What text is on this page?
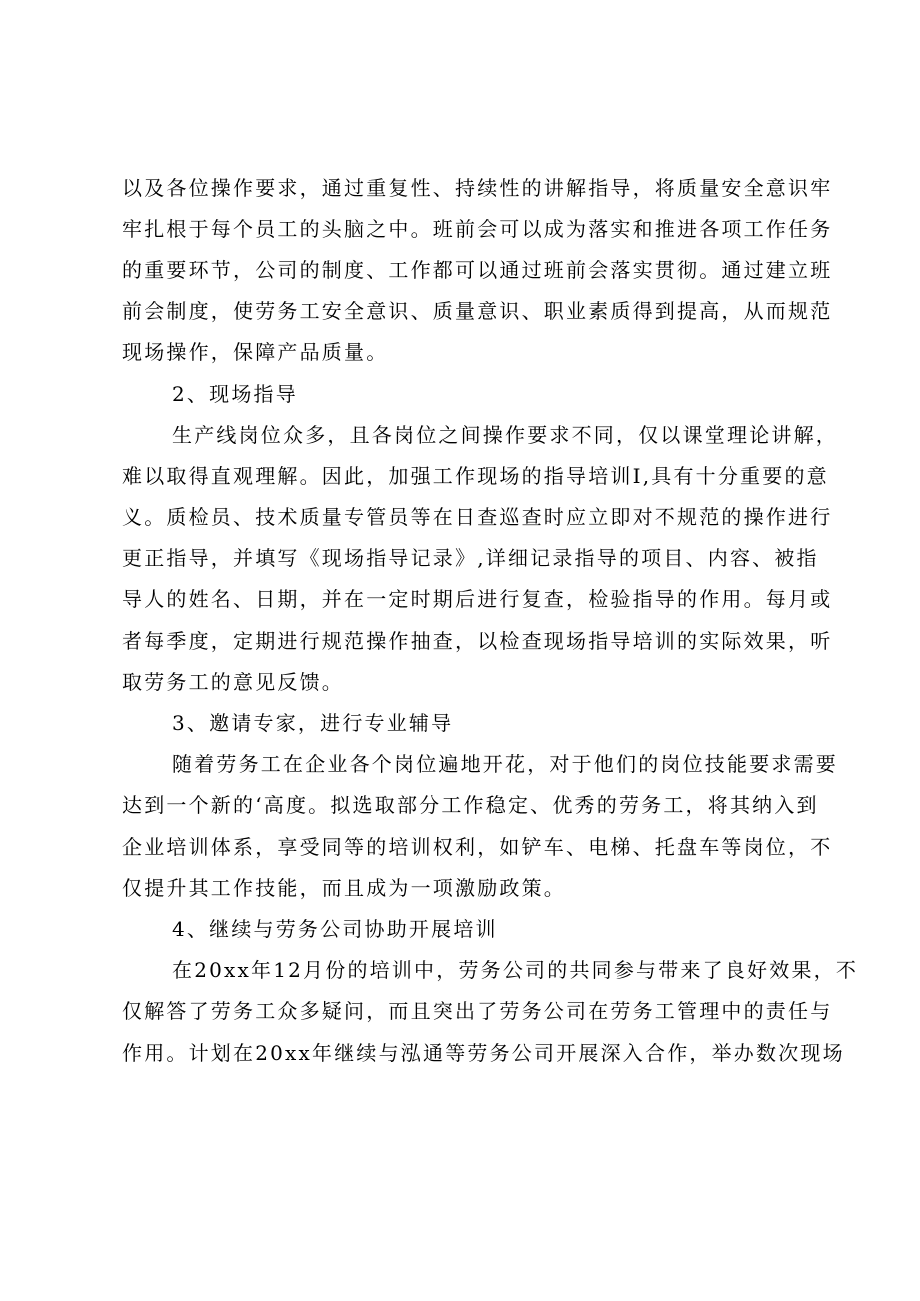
以及各位操作要求，通过重复性、持续性的讲解指导，将质量安全意识牢
牢扎根于每个员工的头脑之中。班前会可以成为落实和推进各项工作任务
的重要环节，公司的制度、工作都可以通过班前会落实贯彻。通过建立班
前会制度，使劳务工安全意识、质量意识、职业素质得到提高，从而规范
现场操作，保障产品质量。
2、现场指导
生产线岗位众多，且各岗位之间操作要求不同，仅以课堂理论讲解，
难以取得直观理解。因此，加强工作现场的指导培训I,具有十分重要的意
义。质检员、技术质量专管员等在日查巡查时应立即对不规范的操作进行
更正指导，并填写《现场指导记录》,详细记录指导的项目、内容、被指
导人的姓名、日期，并在一定时期后进行复查，检验指导的作用。每月或
者每季度，定期进行规范操作抽查，以检查现场指导培训的实际效果，听
取劳务工的意见反馈。
3、邀请专家，进行专业辅导
随着劳务工在企业各个岗位遍地开花，对于他们的岗位技能要求需要
达到一个新的‘高度。拟选取部分工作稳定、优秀的劳务工，将其纳入到
企业培训体系，享受同等的培训权利，如铲车、电梯、托盘车等岗位，不
仅提升其工作技能，而且成为一项激励政策。
4、继续与劳务公司协助开展培训
在20xx年12月份的培训中，劳务公司的共同参与带来了良好效果，不
仅解答了劳务工众多疑问，而且突出了劳务公司在劳务工管理中的责任与
作用。计划在20xx年继续与泓通等劳务公司开展深入合作，举办数次现场
